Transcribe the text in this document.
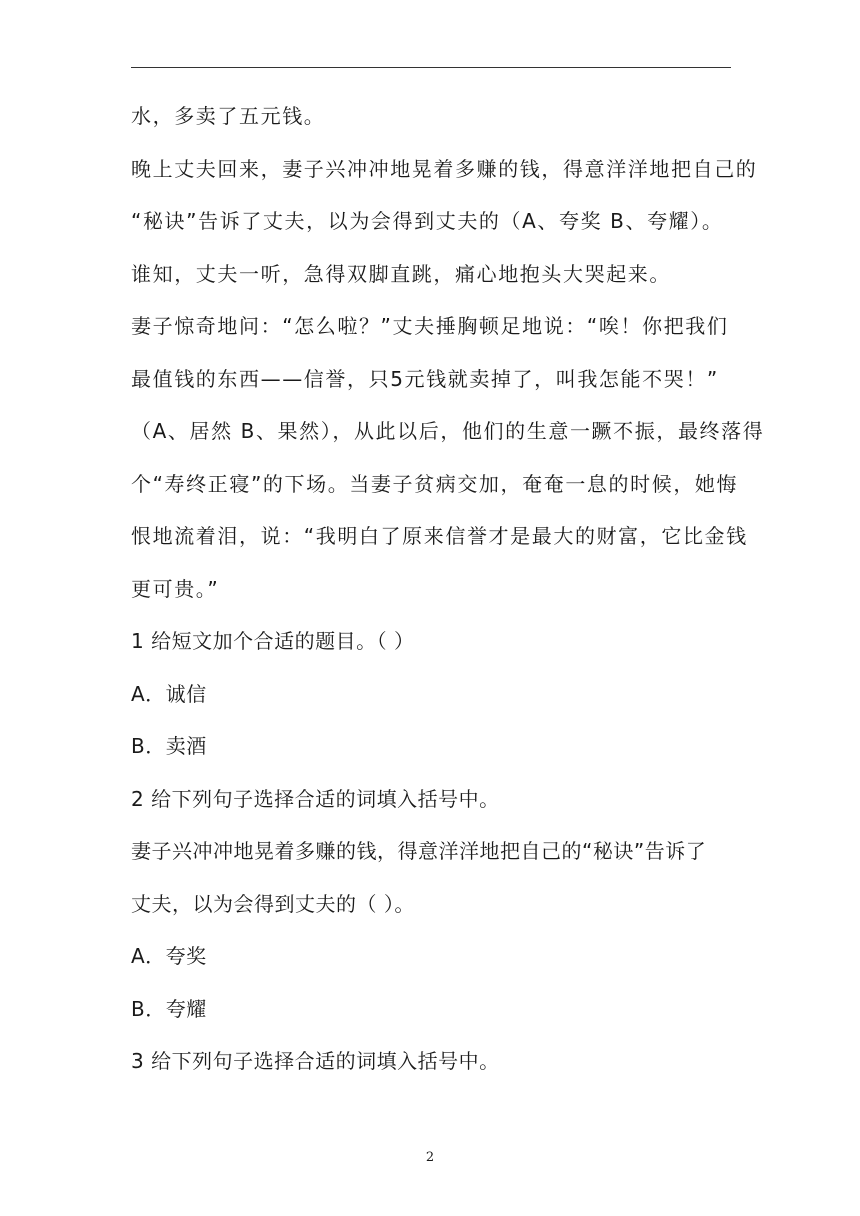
水，多卖了五元钱。
晚上丈夫回来，妻子兴冲冲地晃着多赚的钱，得意洋洋地把自己的
“秘诀”告诉了丈夫，以为会得到丈夫的（A、夸奖 B、夸耀）。
谁知，丈夫一听，急得双脚直跳，痛心地抱头大哭起来。
妻子惊奇地问：“怎么啦？”丈夫捶胸顿足地说：“唉！你把我们
最值钱的东西——信誉，只5元钱就卖掉了，叫我怎能不哭！”
（A、居然 B、果然），从此以后，他们的生意一蹶不振，最终落得
个“寿终正寝”的下场。当妻子贫病交加，奄奄一息的时候，她悔
恨地流着泪，说：“我明白了原来信誉才是最大的财富，它比金钱
更可贵。”
1 给短文加个合适的题目。（ ）
A．诚信
B．卖酒
2 给下列句子选择合适的词填入括号中。
妻子兴冲冲地晃着多赚的钱，得意洋洋地把自己的“秘诀”告诉了
丈夫，以为会得到丈夫的（ ）。
A．夸奖
B．夸耀
3 给下列句子选择合适的词填入括号中。
2
